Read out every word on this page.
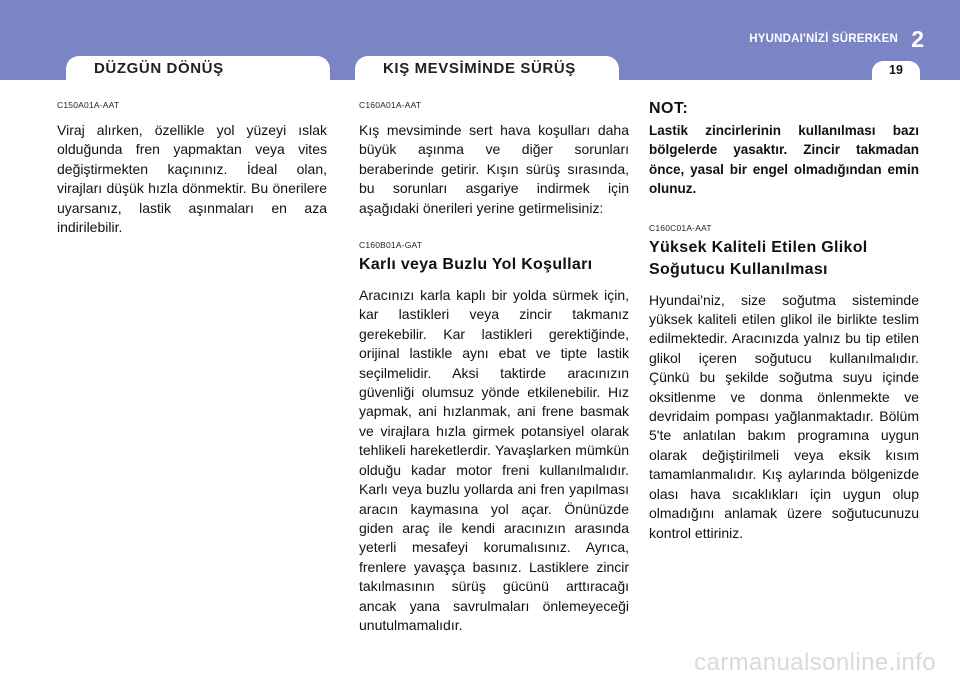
HYUNDAI'NİZİ SÜRERKEN 2
19
DÜZGÜN DÖNÜŞ	KIŞ MEVSİMİNDE SÜRÜŞ
C150A01A-AAT
Viraj alırken, özellikle yol yüzeyi ıslak olduğunda fren yapmaktan veya vites değiştirmekten kaçınınız. İdeal olan, virajları düşük hızla dönmektir. Bu önerilere uyarsanız, lastik aşınmaları en aza indirilebilir.
C160A01A-AAT
Kış mevsiminde sert hava koşulları daha büyük aşınma ve diğer sorunları beraberinde getirir. Kışın sürüş sırasında, bu sorunları asgariye indirmek için aşağıdaki önerileri yerine getirmelisiniz:
C160B01A-GAT
Karlı veya Buzlu Yol Koşulları
Aracınızı karla kaplı bir yolda sürmek için, kar lastikleri veya zincir takmanız gerekebilir. Kar lastikleri gerektiğinde, orijinal lastikle aynı ebat ve tipte lastik seçilmelidir. Aksi taktirde aracınızın güvenliği olumsuz yönde etkilenebilir. Hız yapmak, ani hızlanmak, ani frene basmak ve virajlara hızla girmek potansiyel olarak tehlikeli hareketlerdir. Yavaşlarken mümkün olduğu kadar motor freni kullanılmalıdır. Karlı veya buzlu yollarda ani fren yapılması aracın kaymasına yol açar. Önünüzde giden araç ile kendi aracınızın arasında yeterli mesafeyi korumalısınız. Ayrıca, frenlere yavaşça basınız. Lastiklere zincir takılmasının sürüş gücünü arttıracağı ancak yana savrulmaları önlemeyeceği unutulmamalıdır.
NOT:
Lastik zincirlerinin kullanılması bazı bölgelerde yasaktır. Zincir takmadan önce, yasal bir engel olmadığından emin olunuz.
C160C01A-AAT
Yüksek Kaliteli Etilen Glikol Soğutucu Kullanılması
Hyundai'niz, size soğutma sisteminde yüksek kaliteli etilen glikol ile birlikte teslim edilmektedir. Aracınızda yalnız bu tip etilen glikol içeren soğutucu kullanılmalıdır. Çünkü bu şekilde soğutma suyu içinde oksitlenme ve donma önlenmekte ve devridaim pompası yağlanmaktadır. Bölüm 5'te anlatılan bakım programına uygun olarak değiştirilmeli veya eksik kısım tamamlanmalıdır. Kış aylarında bölgenizde olası hava sıcaklıkları için uygun olup olmadığını anlamak üzere soğutucunuzu kontrol ettiriniz.
carmanualsonline.info
